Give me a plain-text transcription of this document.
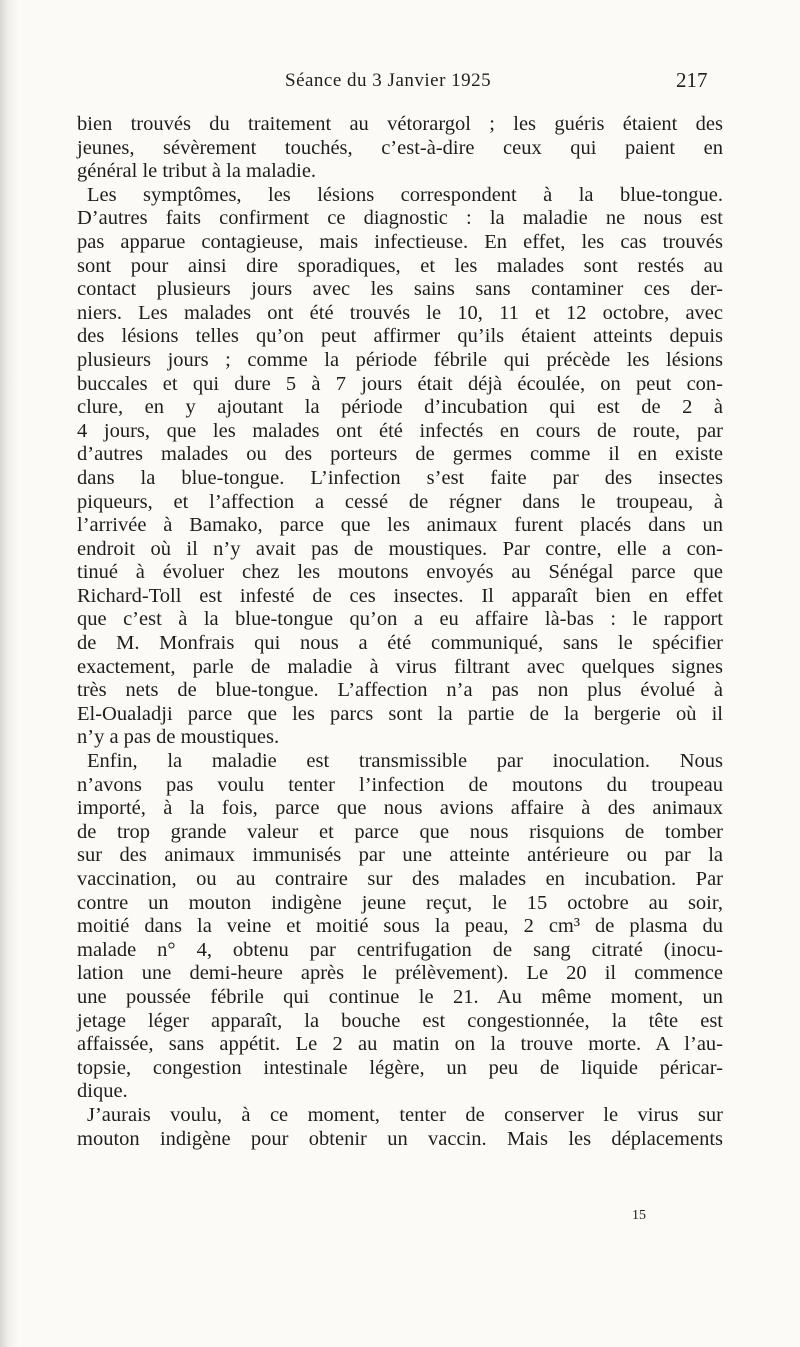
Séance du 3 Janvier 1925	217
bien trouvés du traitement au vétorargol ; les guéris étaient des
jeunes, sévèrement touchés, c’est-à-dire ceux qui paient en
général le tribut à la maladie.
Les symptômes, les lésions correspondent à la blue-tongue.
D’autres faits confirment ce diagnostic : la maladie ne nous est
pas apparue contagieuse, mais infectieuse. En effet, les cas trouvés
sont pour ainsi dire sporadiques, et les malades sont restés au
contact plusieurs jours avec les sains sans contaminer ces der-
niers. Les malades ont été trouvés le 10, 11 et 12 octobre, avec
des lésions telles qu’on peut affirmer qu’ils étaient atteints depuis
plusieurs jours ; comme la période fébrile qui précède les lésions
buccales et qui dure 5 à 7 jours était déjà écoulée, on peut con-
clure, en y ajoutant la période d’incubation qui est de 2 à
4 jours, que les malades ont été infectés en cours de route, par
d’autres malades ou des porteurs de germes comme il en existe
dans la blue-tongue. L’infection s’est faite par des insectes
piqueurs, et l’affection a cessé de régner dans le troupeau, à
l’arrivée à Bamako, parce que les animaux furent placés dans un
endroit où il n’y avait pas de moustiques. Par contre, elle a con-
tinué à évoluer chez les moutons envoyés au Sénégal parce que
Richard-Toll est infesté de ces insectes. Il apparaît bien en effet
que c’est à la blue-tongue qu’on a eu affaire là-bas : le rapport
de M. Monfrais qui nous a été communiqué, sans le spécifier
exactement, parle de maladie à virus filtrant avec quelques signes
très nets de blue-tongue. L’affection n’a pas non plus évolué à
El-Oualadji parce que les parcs sont la partie de la bergerie où il
n’y a pas de moustiques.
Enfin, la maladie est transmissible par inoculation. Nous
n’avons pas voulu tenter l’infection de moutons du troupeau
importé, à la fois, parce que nous avions affaire à des animaux
de trop grande valeur et parce que nous risquions de tomber
sur des animaux immunisés par une atteinte antérieure ou par la
vaccination, ou au contraire sur des malades en incubation. Par
contre un mouton indigène jeune reçut, le 15 octobre au soir,
moitié dans la veine et moitié sous la peau, 2 cm³ de plasma du
malade n° 4, obtenu par centrifugation de sang citraté (inocu-
lation une demi-heure après le prélèvement). Le 20 il commence
une poussée fébrile qui continue le 21. Au même moment, un
jetage léger apparaît, la bouche est congestionnée, la tête est
affaissée, sans appétit. Le 2 au matin on la trouve morte. A l’au-
topsie, congestion intestinale légère, un peu de liquide péricar-
dique.
J’aurais voulu, à ce moment, tenter de conserver le virus sur
mouton indigène pour obtenir un vaccin. Mais les déplacements
15
